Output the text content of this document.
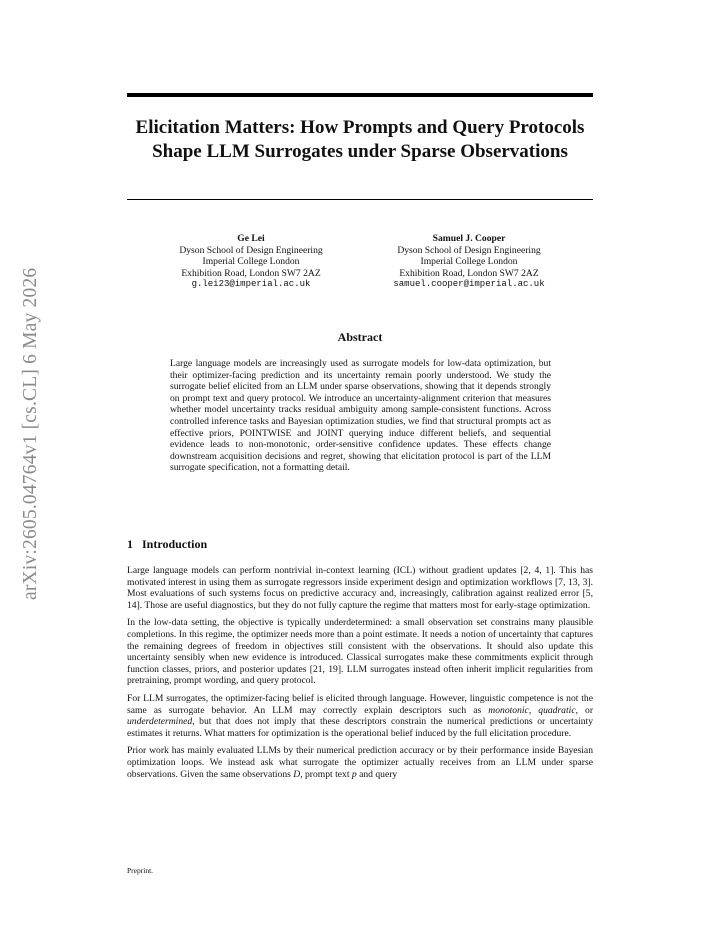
arXiv:2605.04764v1 [cs.CL] 6 May 2026
Elicitation Matters: How Prompts and Query Protocols Shape LLM Surrogates under Sparse Observations
Ge Lei
Dyson School of Design Engineering
Imperial College London
Exhibition Road, London SW7 2AZ
g.lei23@imperial.ac.uk
Samuel J. Cooper
Dyson School of Design Engineering
Imperial College London
Exhibition Road, London SW7 2AZ
samuel.cooper@imperial.ac.uk
Abstract
Large language models are increasingly used as surrogate models for low-data optimization, but their optimizer-facing prediction and its uncertainty remain poorly understood. We study the surrogate belief elicited from an LLM under sparse observations, showing that it depends strongly on prompt text and query protocol. We introduce an uncertainty-alignment criterion that measures whether model uncertainty tracks residual ambiguity among sample-consistent functions. Across controlled inference tasks and Bayesian optimization studies, we find that structural prompts act as effective priors, POINTWISE and JOINT querying induce different beliefs, and sequential evidence leads to non-monotonic, order-sensitive confidence updates. These effects change downstream acquisition decisions and regret, showing that elicitation protocol is part of the LLM surrogate specification, not a formatting detail.
1 Introduction

Large language models can perform nontrivial in-context learning (ICL) without gradient updates [2, 4, 1]. This has motivated interest in using them as surrogate regressors inside experiment design and optimization workflows [7, 13, 3]. Most evaluations of such systems focus on predictive accuracy and, increasingly, calibration against realized error [5, 14]. Those are useful diagnostics, but they do not fully capture the regime that matters most for early-stage optimization.

In the low-data setting, the objective is typically underdetermined: a small observation set constrains many plausible completions. In this regime, the optimizer needs more than a point estimate. It needs a notion of uncertainty that captures the remaining degrees of freedom in objectives still consistent with the observations. It should also update this uncertainty sensibly when new evidence is introduced. Classical surrogates make these commitments explicit through function classes, priors, and posterior updates [21, 19]. LLM surrogates instead often inherit implicit regularities from pretraining, prompt wording, and query protocol.

For LLM surrogates, the optimizer-facing belief is elicited through language. However, linguistic competence is not the same as surrogate behavior. An LLM may correctly explain descriptors such as monotonic, quadratic, or underdetermined, but that does not imply that these descriptors constrain the numerical predictions or uncertainty estimates it returns. What matters for optimization is the operational belief induced by the full elicitation procedure.

Prior work has mainly evaluated LLMs by their numerical prediction accuracy or by their performance inside Bayesian optimization loops. We instead ask what surrogate the optimizer actually receives from an LLM under sparse observations. Given the same observations D, prompt text p and query

Preprint.
